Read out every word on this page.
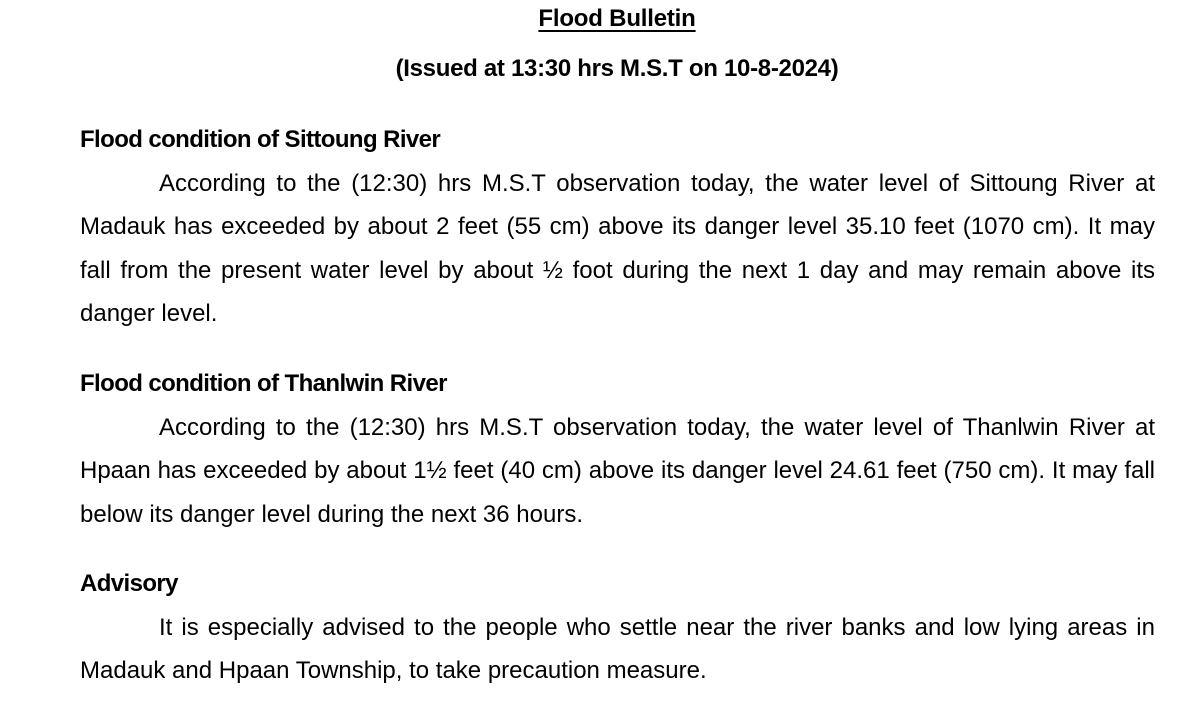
Flood Bulletin
(Issued at 13:30 hrs M.S.T on 10-8-2024)
Flood condition of Sittoung River
According to the (12:30) hrs M.S.T observation today, the water level of Sittoung River at Madauk has exceeded by about 2 feet (55 cm) above its danger level 35.10 feet (1070 cm). It may fall from the present water level by about ½ foot during the next 1 day and may remain above its danger level.
Flood condition of Thanlwin River
According to the (12:30) hrs M.S.T observation today, the water level of Thanlwin River at Hpaan has exceeded by about 1½ feet (40 cm) above its danger level 24.61 feet (750 cm). It may fall below its danger level during the next 36 hours.
Advisory
It is especially advised to the people who settle near the river banks and low lying areas in Madauk and Hpaan Township, to take precaution measure.
